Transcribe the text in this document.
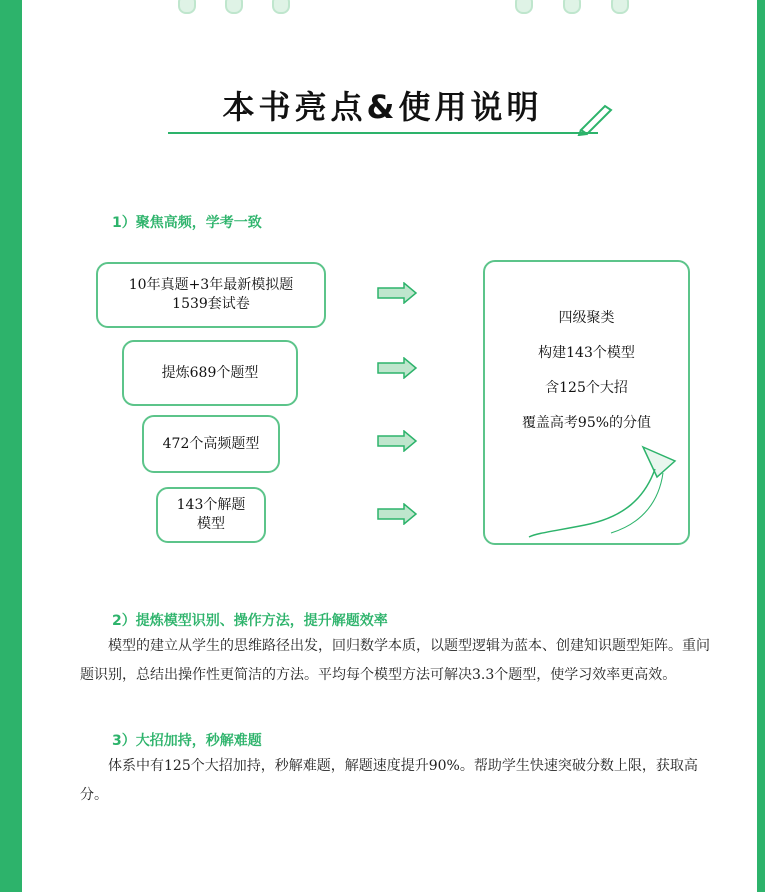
本书亮点&使用说明
1）聚焦高频，学考一致
10年真题+3年最新模拟题
1539套试卷
提炼689个题型
472个高频题型
143个解题
模型
四级聚类
构建143个模型
含125个大招
覆盖高考95%的分值
2）提炼模型识别、操作方法，提升解题效率
模型的建立从学生的思维路径出发，回归数学本质，以题型逻辑为蓝本、创建知识题型矩阵。重问题识别，总结出操作性更简洁的方法。平均每个模型方法可解决3.3个题型，使学习效率更高效。
3）大招加持，秒解难题
体系中有125个大招加持，秒解难题，解题速度提升90%。帮助学生快速突破分数上限，获取高分。
